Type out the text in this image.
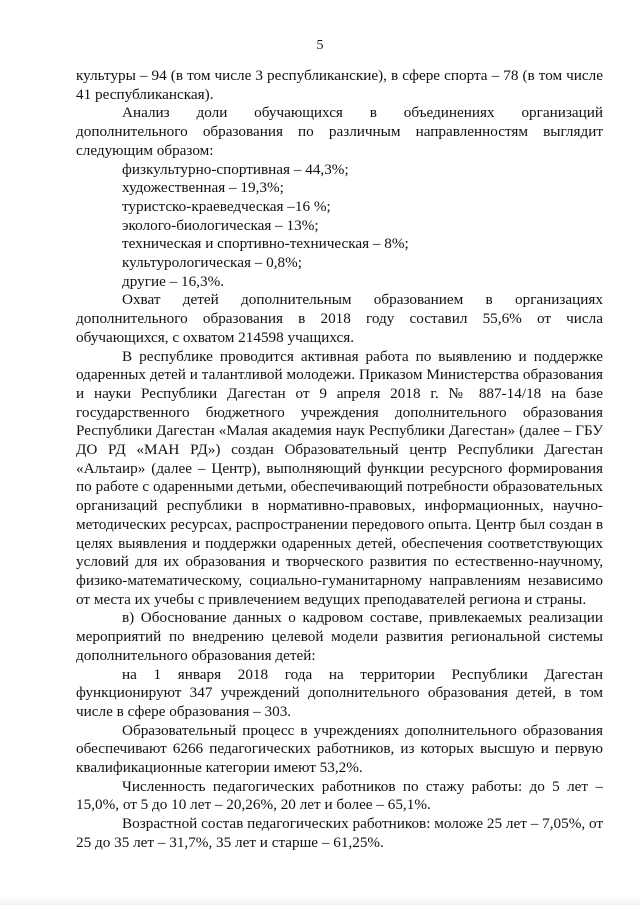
5

культуры – 94 (в том числе 3 республиканские), в сфере спорта – 78 (в том числе 41 республиканская).

Анализ доли обучающихся в объединениях организаций дополнительного образования по различным направленностям выглядит следующим образом:

физкультурно-спортивная – 44,3%;
художественная – 19,3%;
туристско-краеведческая –16 %;
эколого-биологическая – 13%;
техническая и спортивно-техническая – 8%;
культурологическая – 0,8%;
другие – 16,3%.

Охват детей дополнительным образованием в организациях дополнительного образования в 2018 году составил 55,6% от числа обучающихся, с охватом 214598 учащихся.

В республике проводится активная работа по выявлению и поддержке одаренных детей и талантливой молодежи. Приказом Министерства образования и науки Республики Дагестан от 9 апреля 2018 г. № 887-14/18 на базе государственного бюджетного учреждения дополнительного образования Республики Дагестан «Малая академия наук Республики Дагестан» (далее – ГБУ ДО РД «МАН РД») создан Образовательный центр Республики Дагестан «Альтаир» (далее – Центр), выполняющий функции ресурсного формирования по работе с одаренными детьми, обеспечивающий потребности образовательных организаций республики в нормативно-правовых, информационных, научно-методических ресурсах, распространении передового опыта. Центр был создан в целях выявления и поддержки одаренных детей, обеспечения соответствующих условий для их образования и творческого развития по естественно-научному, физико-математическому, социально-гуманитарному направлениям независимо от места их учебы с привлечением ведущих преподавателей региона и страны.

в) Обоснование данных о кадровом составе, привлекаемых реализации мероприятий по внедрению целевой модели развития региональной системы дополнительного образования детей:

на 1 января 2018 года на территории Республики Дагестан функционируют 347 учреждений дополнительного образования детей, в том числе в сфере образования – 303.

Образовательный процесс в учреждениях дополнительного образования обеспечивают 6266 педагогических работников, из которых высшую и первую квалификационные категории имеют 53,2%.

Численность педагогических работников по стажу работы: до 5 лет – 15,0%, от 5 до 10 лет – 20,26%, 20 лет и более – 65,1%.

Возрастной состав педагогических работников: моложе 25 лет – 7,05%, от 25 до 35 лет – 31,7%, 35 лет и старше – 61,25%.
